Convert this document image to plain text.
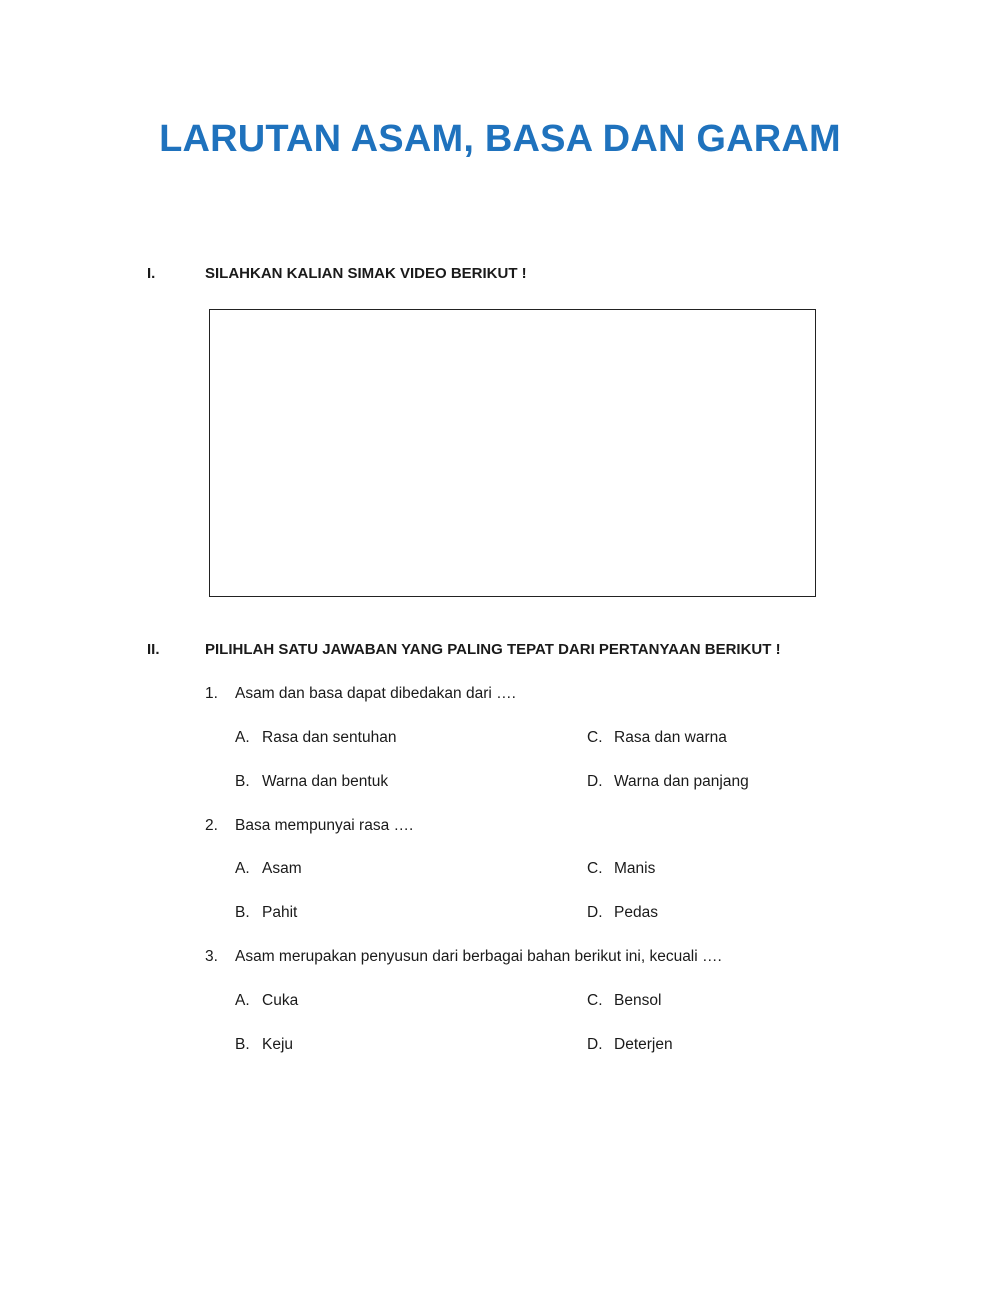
LARUTAN ASAM, BASA DAN GARAM
I.	SILAHKAN KALIAN SIMAK VIDEO BERIKUT !
II.	PILIHLAH SATU JAWABAN YANG PALING TEPAT DARI PERTANYAAN BERIKUT !
1. Asam dan basa dapat dibedakan dari ….
A. Rasa dan sentuhan	C. Rasa dan warna
B. Warna dan bentuk	D. Warna dan panjang
2. Basa mempunyai rasa ….
A. Asam	C. Manis
B. Pahit	D. Pedas
3. Asam merupakan penyusun dari berbagai bahan berikut ini, kecuali ….
A. Cuka	C. Bensol
B. Keju	D. Deterjen
